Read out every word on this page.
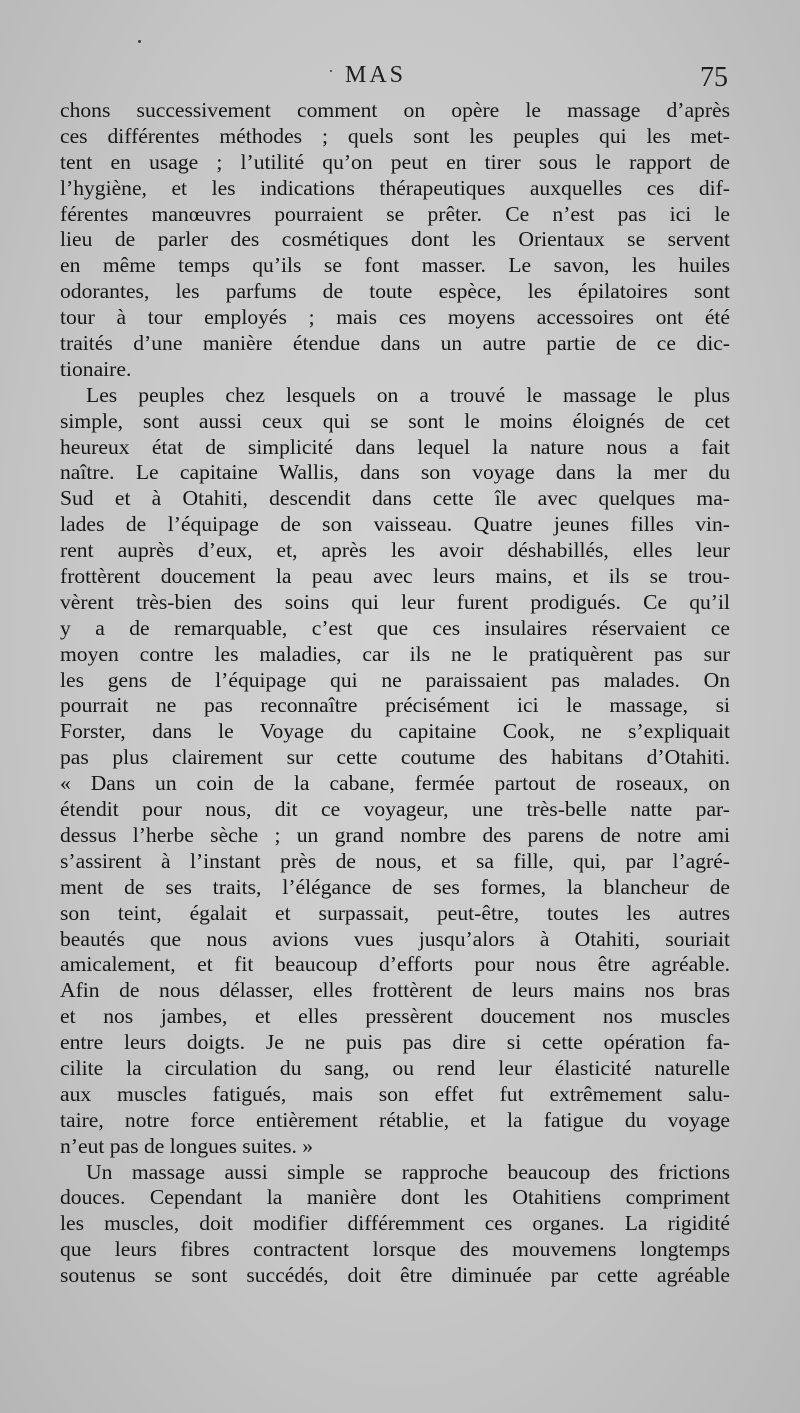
MAS	75
chons successivement comment on opère le massage d’après
ces différentes méthodes ; quels sont les peuples qui les met-
tent en usage ; l’utilité qu’on peut en tirer sous le rapport de
l’hygiène, et les indications thérapeutiques auxquelles ces dif-
férentes manœuvres pourraient se prêter. Ce n’est pas ici le
lieu de parler des cosmétiques dont les Orientaux se servent
en même temps qu’ils se font masser. Le savon, les huiles
odorantes, les parfums de toute espèce, les épilatoires sont
tour à tour employés ; mais ces moyens accessoires ont été
traités d’une manière étendue dans un autre partie de ce dic-
tionaire.
Les peuples chez lesquels on a trouvé le massage le plus
simple, sont aussi ceux qui se sont le moins éloignés de cet
heureux état de simplicité dans lequel la nature nous a fait
naître. Le capitaine Wallis, dans son voyage dans la mer du
Sud et à Otahiti, descendit dans cette île avec quelques ma-
lades de l’équipage de son vaisseau. Quatre jeunes filles vin-
rent auprès d’eux, et, après les avoir déshabillés, elles leur
frottèrent doucement la peau avec leurs mains, et ils se trou-
vèrent très-bien des soins qui leur furent prodigués. Ce qu’il
y a de remarquable, c’est que ces insulaires réservaient ce
moyen contre les maladies, car ils ne le pratiquèrent pas sur
les gens de l’équipage qui ne paraissaient pas malades. On
pourrait ne pas reconnaître précisément ici le massage, si
Forster, dans le Voyage du capitaine Cook, ne s’expliquait
pas plus clairement sur cette coutume des habitans d’Otahiti.
« Dans un coin de la cabane, fermée partout de roseaux, on
étendit pour nous, dit ce voyageur, une très-belle natte par-
dessus l’herbe sèche ; un grand nombre des parens de notre ami
s’assirent à l’instant près de nous, et sa fille, qui, par l’agré-
ment de ses traits, l’élégance de ses formes, la blancheur de
son teint, égalait et surpassait, peut-être, toutes les autres
beautés que nous avions vues jusqu’alors à Otahiti, souriait
amicalement, et fit beaucoup d’efforts pour nous être agréable.
Afin de nous délasser, elles frottèrent de leurs mains nos bras
et nos jambes, et elles pressèrent doucement nos muscles
entre leurs doigts. Je ne puis pas dire si cette opération fa-
cilite la circulation du sang, ou rend leur élasticité naturelle
aux muscles fatigués, mais son effet fut extrêmement salu-
taire, notre force entièrement rétablie, et la fatigue du voyage
n’eut pas de longues suites. »
Un massage aussi simple se rapproche beaucoup des frictions
douces. Cependant la manière dont les Otahitiens compriment
les muscles, doit modifier différemment ces organes. La rigidité
que leurs fibres contractent lorsque des mouvemens longtemps
soutenus se sont succédés, doit être diminuée par cette agréable
